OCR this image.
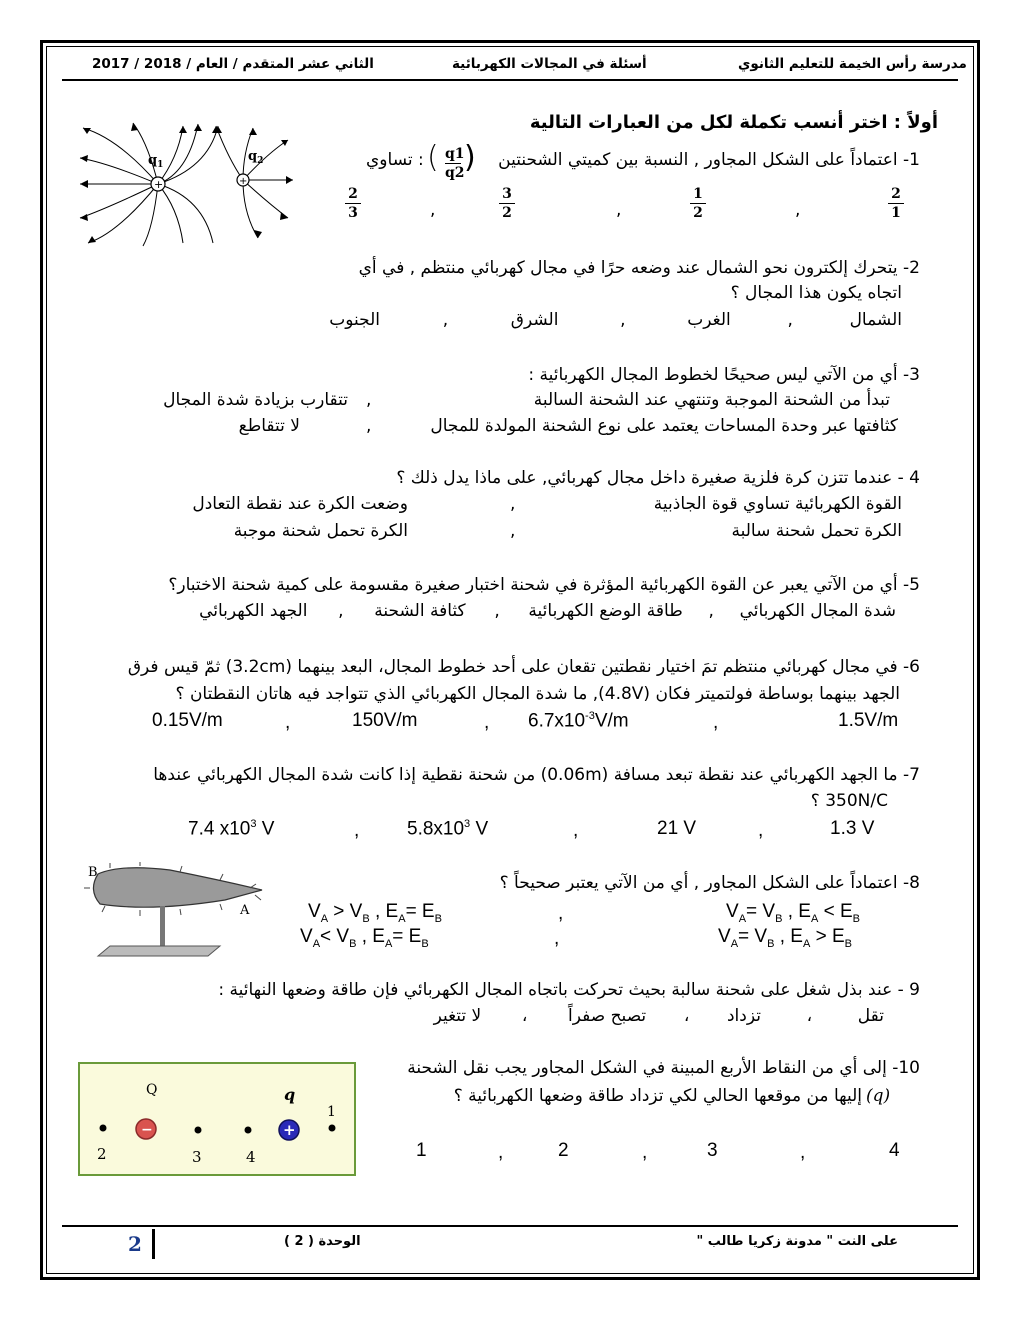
مدرسة رأس الخيمة للتعليم الثانوي
أسئلة في المجالات الكهربائية
الثاني عشر المتقدم / العام / 2018 / 2017
أولاً : اختر أنسب تكملة لكل من العبارات التالية
+	+
$q_1$
$q_2$	1- اعتماداً على الشكل المجاور , النسبة بين كميتي الشحنتين
تساوي : ( q1
q2 )
2
1
,
1
2
,
3
2
,
2
3
2- يتحرك إلكترون نحو الشمال عند وضعه حرًا في مجال كهربائي منتظم , في أي
اتجاه يكون هذا المجال ؟
الشمال , الغرب , الشرق , الجنوب
3- أي من الآتي ليس صحيحًا لخطوط المجال الكهربائية :
تبدأ من الشحنة الموجبة وتنتهي عند الشحنة السالبة
,
تتقارب بزيادة شدة المجال
كثافتها عبر وحدة المساحات يعتمد على نوع الشحنة المولدة للمجال
,
لا تتقاطع
4 - عندما تتزن كرة فلزية صغيرة داخل مجال كهربائي, على ماذا يدل ذلك ؟
القوة الكهربائية تساوي قوة الجاذبية
,
وضعت الكرة عند نقطة التعادل
الكرة تحمل شحنة سالبة
,
الكرة تحمل شحنة موجبة
5- أي من الآتي يعبر عن القوة الكهربائية المؤثرة في شحنة اختبار صغيرة مقسومة على كمية شحنة الاختبار؟
شدة المجال الكهربائي , طاقة الوضع الكهربائية , كثافة الشحنة , الجهد الكهربائي
6- في مجال كهربائي منتظم تمَ اختيار نقطتين تقعان على أحد خطوط المجال، البعد بينهما (3.2cm) ثمّ قيس فرق
الجهد بينهما بوساطة فولتميتر فكان (4.8V), ما شدة المجال الكهربائي الذي تتواجد فيه هاتان النقطتان ؟
1.5V/m
$6.7x10^{-3}V/m$
150V/m
0.15V/m	,	,
,
7- ما الجهد الكهربائي عند نقطة تبعد مسافة (0.06m) من شحنة نقطية إذا كانت شدة المجال الكهربائي عندها
350N/C ؟
1.3 V
21 V
$5.8x10^3$ V
7.4 $x10^3$ V	,
,
,
B
A
8- اعتماداً على الشكل المجاور , أي من الآتي يعتبر صحيحاً ؟
$V_A= V_B$ , $E_A < E_B$
,
$V_A > V_B$ , $E_A= E_B$
$V_A= V_B$ , $E_A > E_B$
,
$V_A< V_B$ , $E_A= E_B$
9 - عند بذل شغل على شحنة سالبة بحيث تحركت باتجاه المجال الكهربائي فإن طاقة وضعها النهائية :
تقل ، تزداد ، تصبح صفراً ، لا تتغير
Q	q
1
−	+
2	3	4
10- إلى أي من النقاط الأربع المبينة في الشكل المجاور يجب نقل الشحنة
إليها من موقعها الحالي لكي تزداد طاقة وضعها الكهربائية ؟ (q)
4
3
2
1	,
,
,
على النت " مدونة زكريا طالب "
الوحدة ( 2 )
2
